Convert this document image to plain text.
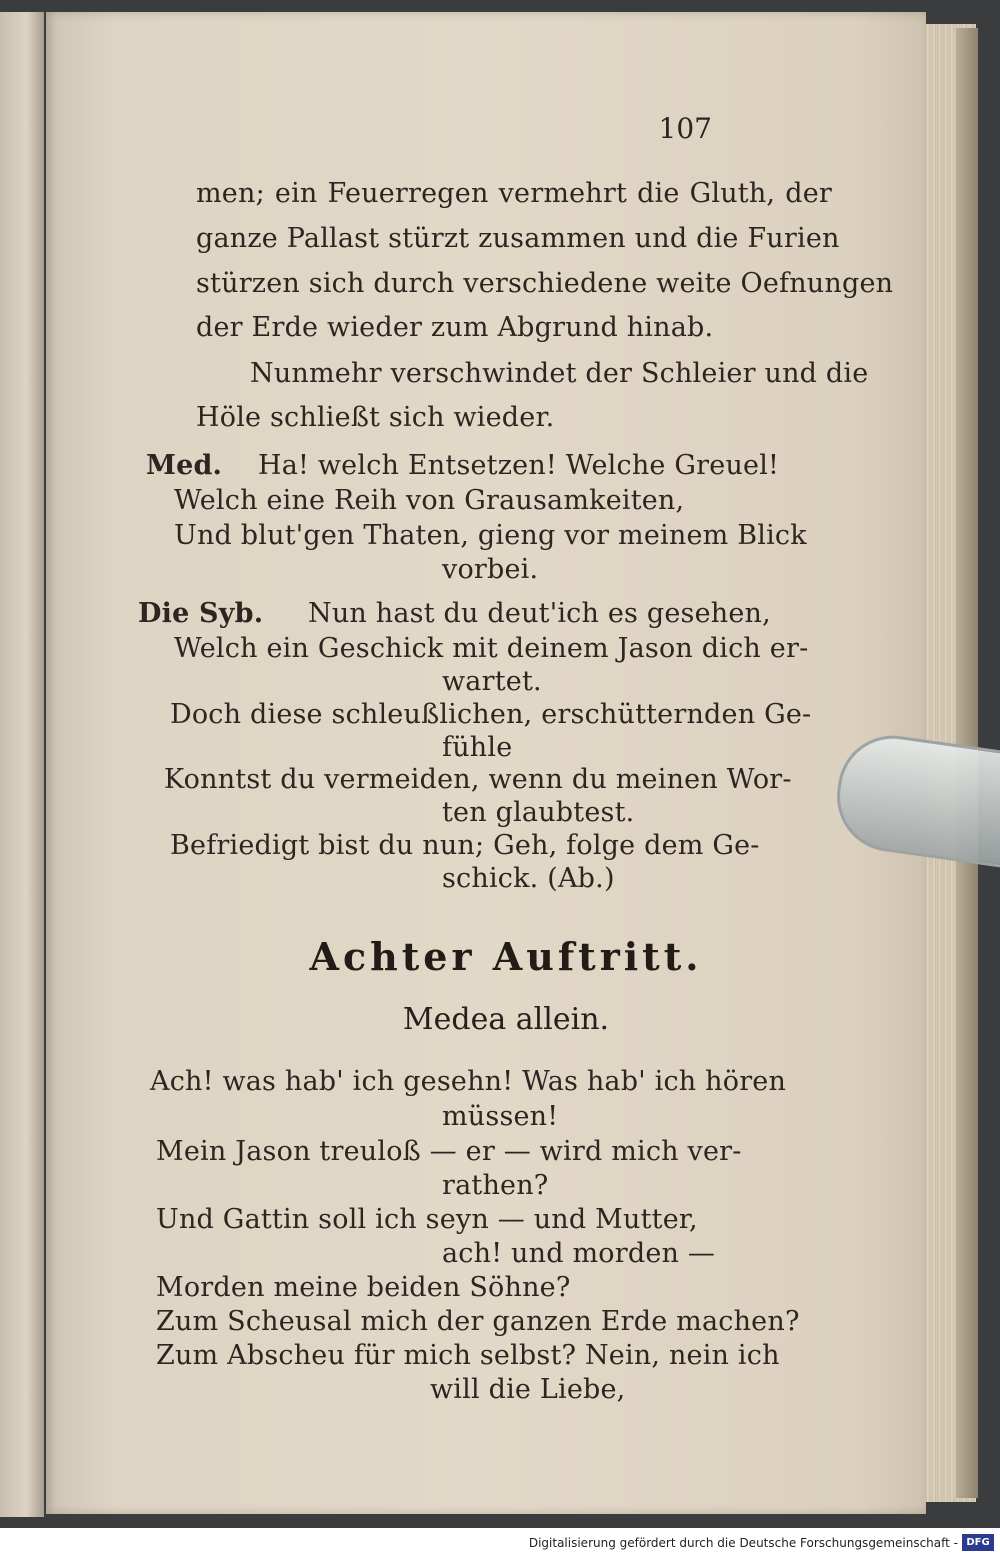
107
men; ein Feuerregen vermehrt die Gluth, der
ganze Pallast stürzt zusammen und die Furien
stürzen sich durch verschiedene weite Oefnungen
der Erde wieder zum Abgrund hinab.
Nunmehr verschwindet der Schleier und die
Höle schließt sich wieder.
Med.	Ha! welch Entsetzen! Welche Greuel!
Welch eine Reih von Grausamkeiten,
Und blut'gen Thaten, gieng vor meinem Blick
vorbei.
Die Syb.	Nun hast du deut'ich es gesehen,
Welch ein Geschick mit deinem Jason dich er-
wartet.
Doch diese schleußlichen, erschütternden Ge-
fühle
Konntst du vermeiden, wenn du meinen Wor-
ten glaubtest.
Befriedigt bist du nun; Geh, folge dem Ge-
schick. (Ab.)
Achter Auftritt.
Medea allein.
Ach! was hab' ich gesehn! Was hab' ich hören
müssen!
Mein Jason treuloß — er — wird mich ver-
rathen?
Und Gattin soll ich seyn — und Mutter,
ach! und morden —
Morden meine beiden Söhne?
Zum Scheusal mich der ganzen Erde machen?
Zum Abscheu für mich selbst? Nein, nein ich
will die Liebe,
Digitalisierung gefördert durch die Deutsche Forschungsgemeinschaft - DFG
